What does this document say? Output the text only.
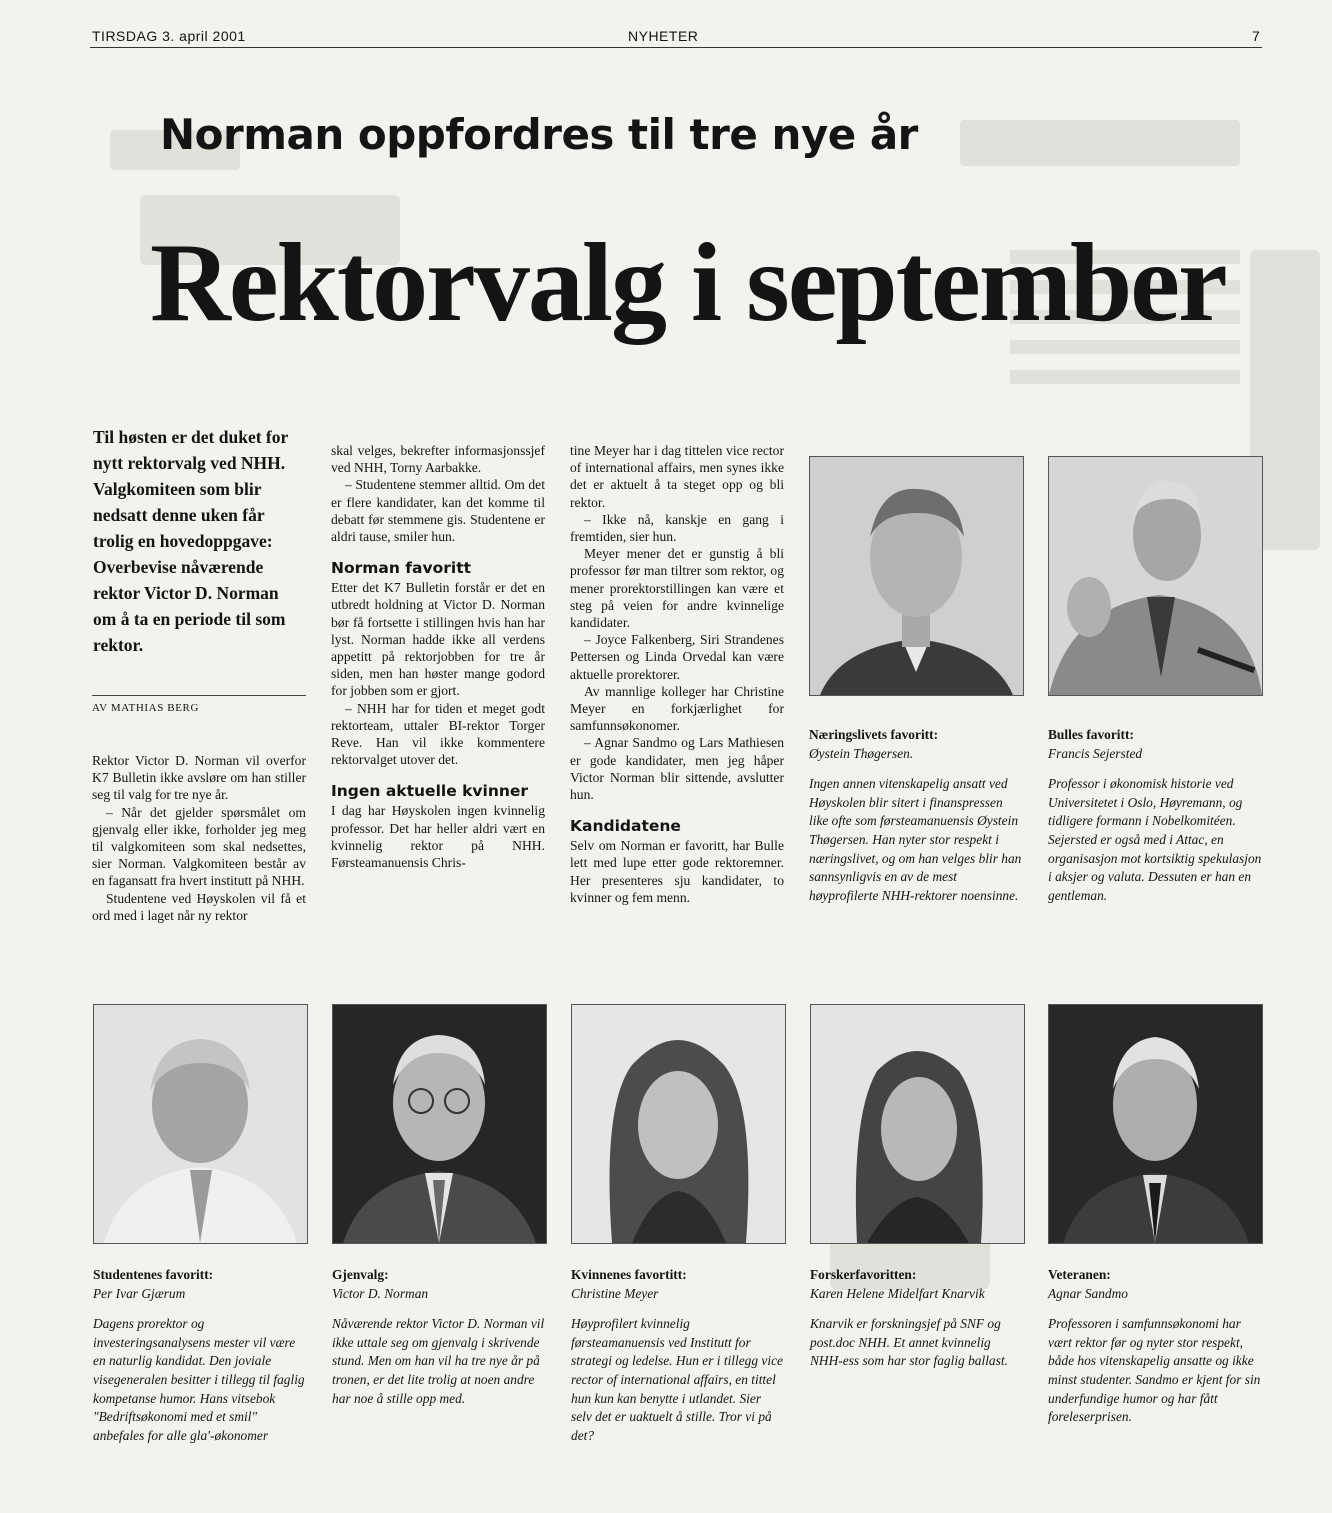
TIRSDAG 3. april 2001	NYHETER	7
Norman oppfordres til tre nye år
Rektorvalg i september
Til høsten er det duket for nytt rektorvalg ved NHH. Valgkomiteen som blir nedsatt denne uken får trolig en hovedoppgave: Overbevise nåværende rektor Victor D. Norman om å ta en periode til som rektor.
AV MATHIAS BERG

Rektor Victor D. Norman vil overfor K7 Bulletin ikke avsløre om han stiller seg til valg for tre nye år.

– Når det gjelder spørsmålet om gjenvalg eller ikke, forholder jeg meg til valgkomiteen som skal nedsettes, sier Norman. Valgkomiteen består av en fagansatt fra hvert institutt på NHH.

Studentene ved Høyskolen vil få et ord med i laget når ny rektor

skal velges, bekrefter informasjonssjef ved NHH, Torny Aarbakke.

– Studentene stemmer alltid. Om det er flere kandidater, kan det komme til debatt før stemmene gis. Studentene er aldri tause, smiler hun.

Norman favoritt

Etter det K7 Bulletin forstår er det en utbredt holdning at Victor D. Norman bør få fortsette i stillingen hvis han har lyst. Norman hadde ikke all verdens appetitt på rektorjobben for tre år siden, men han høster mange godord for jobben som er gjort.

– NHH har for tiden et meget godt rektorteam, uttaler BI-rektor Torger Reve. Han vil ikke kommentere rektorvalget utover det.

Ingen aktuelle kvinner

I dag har Høyskolen ingen kvinnelig professor. Det har heller aldri vært en kvinnelig rektor på NHH. Førsteamanuensis Chris-

tine Meyer har i dag tittelen vice rector of international affairs, men synes ikke det er aktuelt å ta steget opp og bli rektor.

– Ikke nå, kanskje en gang i fremtiden, sier hun.

Meyer mener det er gunstig å bli professor før man tiltrer som rektor, og mener prorektorstillingen kan være et steg på veien for andre kvinnelige kandidater.

– Joyce Falkenberg, Siri Strandenes Pettersen og Linda Orvedal kan være aktuelle prorektorer.

Av mannlige kolleger har Christine Meyer en forkjærlighet for samfunnsøkonomer.

– Agnar Sandmo og Lars Mathiesen er gode kandidater, men jeg håper Victor Norman blir sittende, avslutter hun.

Kandidatene

Selv om Norman er favoritt, har Bulle lett med lupe etter gode rektoremner. Her presenteres sju kandidater, to kvinner og fem menn.

Næringslivets favoritt:
Øystein Thøgersen.
Ingen annen vitenskapelig ansatt ved Høyskolen blir sitert i finanspressen like ofte som førsteamanuensis Øystein Thøgersen. Han nyter stor respekt i næringslivet, og om han velges blir han sannsynligvis en av de mest høyprofilerte NHH-rektorer noensinne.
Bulles favoritt:
Francis Sejersted
Professor i økonomisk historie ved Universitetet i Oslo, Høyremann, og tidligere formann i Nobelkomitéen. Sejersted er også med i Attac, en organisasjon mot kortsiktig spekulasjon i aksjer og valuta. Dessuten er han en gentleman.
Studentenes favoritt:
Per Ivar Gjærum
Dagens prorektor og investeringsanalysens mester vil være en naturlig kandidat. Den joviale visegeneralen besitter i tillegg til faglig kompetanse humor. Hans vitsebok "Bedriftsøkonomi med et smil" anbefales for alle gla'-økonomer
Gjenvalg:
Victor D. Norman
Nåværende rektor Victor D. Norman vil ikke uttale seg om gjenvalg i skrivende stund. Men om han vil ha tre nye år på tronen, er det lite trolig at noen andre har noe å stille opp med.
Kvinnenes favortitt:
Christine Meyer
Høyprofilert kvinnelig førsteamanuensis ved Institutt for strategi og ledelse. Hun er i tillegg vice rector of international affairs, en tittel hun kun kan benytte i utlandet. Sier selv det er uaktuelt å stille. Tror vi på det?
Forskerfavoritten:
Karen Helene Midelfart Knarvik
Knarvik er forskningsjef på SNF og post.doc NHH. Et annet kvinnelig NHH-ess som har stor faglig ballast.
Veteranen:
Agnar Sandmo
Professoren i samfunnsøkonomi har vært rektor før og nyter stor respekt, både hos vitenskapelig ansatte og ikke minst studenter. Sandmo er kjent for sin underfundige humor og har fått foreleserprisen.
